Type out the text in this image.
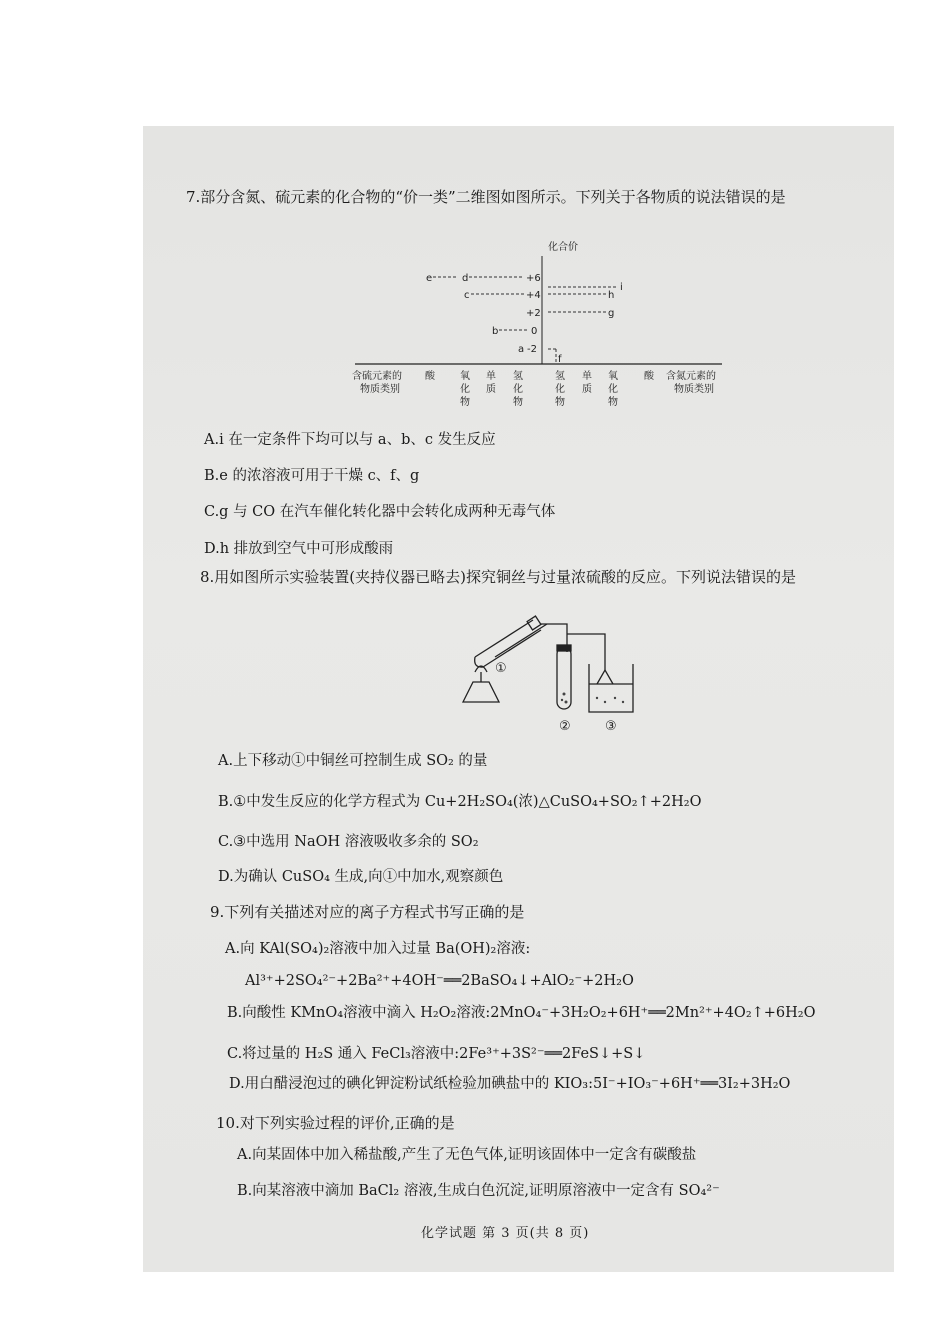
7.部分含氮、硫元素的化合物的“价一类”二维图如图所示。下列关于各物质的说法错误的是
化合价
+6
+4
+2
0
-2
e	d
c
b
a
i
h
g
f
含硫元素的
物质类别
酸	氧
化
物
单
质
氢
化
物
氢
化
物
单
质
氧
化
物
酸 含氮元素的
物质类别
A.i 在一定条件下均可以与 a、b、c 发生反应
B.e 的浓溶液可用于干燥 c、f、g
C.g 与 CO 在汽车催化转化器中会转化成两种无毒气体
D.h 排放到空气中可形成酸雨
8.用如图所示实验装置(夹持仪器已略去)探究铜丝与过量浓硫酸的反应。下列说法错误的是
①
②	③
A.上下移动①中铜丝可控制生成 SO₂ 的量
B.①中发生反应的化学方程式为 Cu+2H₂SO₄(浓)△CuSO₄+SO₂↑+2H₂O
C.③中选用 NaOH 溶液吸收多余的 SO₂
D.为确认 CuSO₄ 生成,向①中加水,观察颜色
9.下列有关描述对应的离子方程式书写正确的是
A.向 KAl(SO₄)₂溶液中加入过量 Ba(OH)₂溶液:
Al³⁺+2SO₄²⁻+2Ba²⁺+4OH⁻══2BaSO₄↓+AlO₂⁻+2H₂O
B.向酸性 KMnO₄溶液中滴入 H₂O₂溶液:2MnO₄⁻+3H₂O₂+6H⁺══2Mn²⁺+4O₂↑+6H₂O
C.将过量的 H₂S 通入 FeCl₃溶液中:2Fe³⁺+3S²⁻══2FeS↓+S↓
D.用白醋浸泡过的碘化钾淀粉试纸检验加碘盐中的 KIO₃:5I⁻+IO₃⁻+6H⁺══3I₂+3H₂O
10.对下列实验过程的评价,正确的是
A.向某固体中加入稀盐酸,产生了无色气体,证明该固体中一定含有碳酸盐
B.向某溶液中滴加 BaCl₂ 溶液,生成白色沉淀,证明原溶液中一定含有 SO₄²⁻
化学试题 第 3 页(共 8 页)
